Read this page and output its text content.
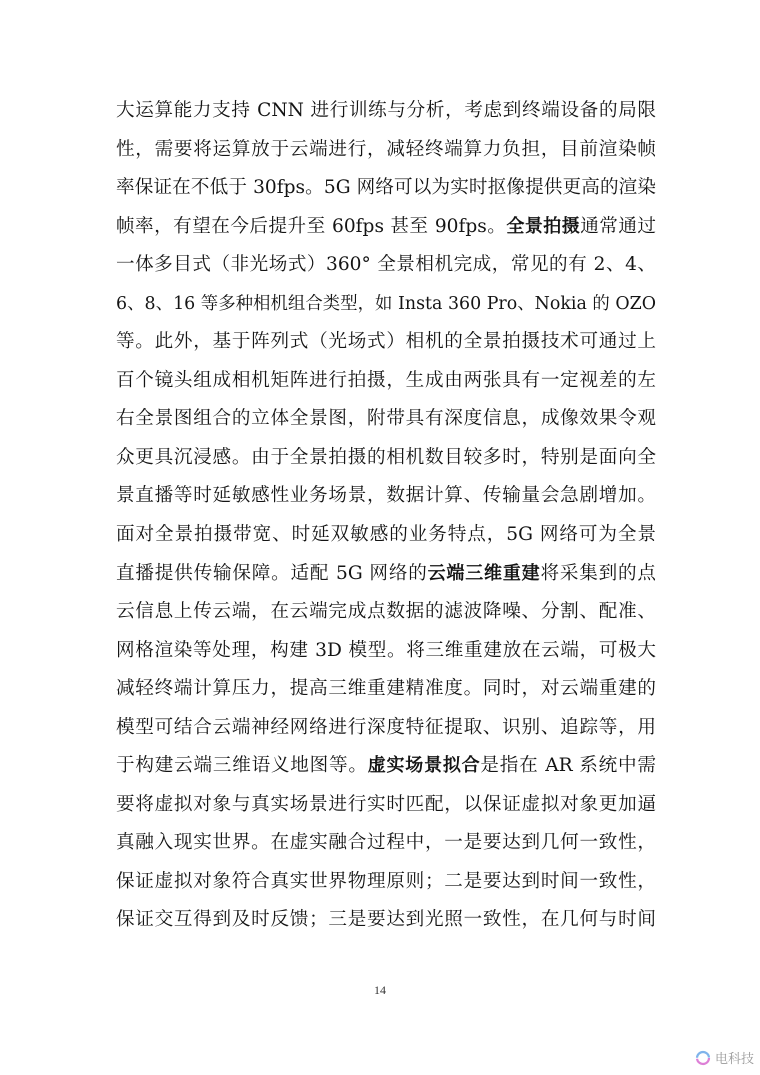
大运算能力支持 CNN 进行训练与分析，考虑到终端设备的局限
性，需要将运算放于云端进行，减轻终端算力负担，目前渲染帧
率保证在不低于 30fps。5G 网络可以为实时抠像提供更高的渲染
帧率，有望在今后提升至 60fps 甚至 90fps。全景拍摄通常通过
一体多目式（非光场式）360° 全景相机完成，常见的有 2、4、
6、8、16 等多种相机组合类型，如 Insta 360 Pro、Nokia 的 OZO
等。此外，基于阵列式（光场式）相机的全景拍摄技术可通过上
百个镜头组成相机矩阵进行拍摄，生成由两张具有一定视差的左
右全景图组合的立体全景图，附带具有深度信息，成像效果令观
众更具沉浸感。由于全景拍摄的相机数目较多时，特别是面向全
景直播等时延敏感性业务场景，数据计算、传输量会急剧增加。
面对全景拍摄带宽、时延双敏感的业务特点，5G 网络可为全景
直播提供传输保障。适配 5G 网络的云端三维重建将采集到的点
云信息上传云端，在云端完成点数据的滤波降噪、分割、配准、
网格渲染等处理，构建 3D 模型。将三维重建放在云端，可极大
减轻终端计算压力，提高三维重建精准度。同时，对云端重建的
模型可结合云端神经网络进行深度特征提取、识别、追踪等，用
于构建云端三维语义地图等。虚实场景拟合是指在 AR 系统中需
要将虚拟对象与真实场景进行实时匹配，以保证虚拟对象更加逼
真融入现实世界。在虚实融合过程中，一是要达到几何一致性，
保证虚拟对象符合真实世界物理原则；二是要达到时间一致性，
保证交互得到及时反馈；三是要达到光照一致性，在几何与时间
14
电科技
